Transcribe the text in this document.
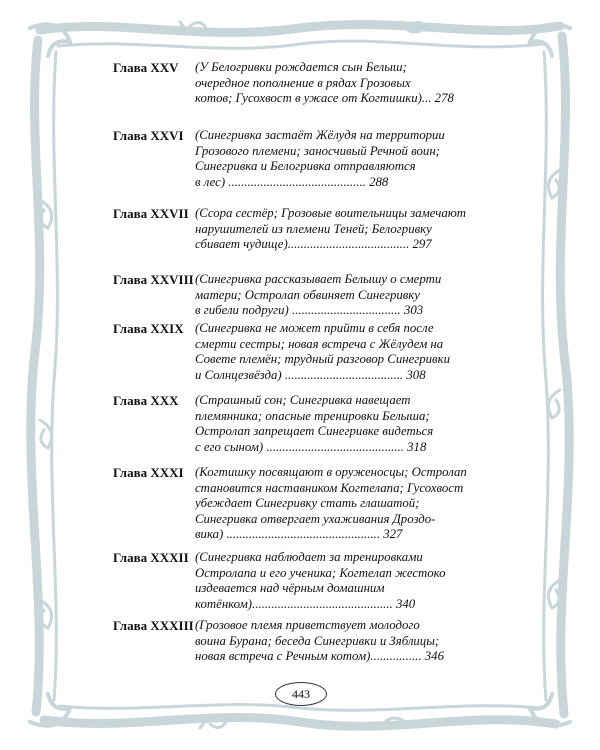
Глава XXV (У Белогривки рождается сын Белыш;
очередное пополнение в рядах Грозовых
котов; Гусохвост в ужасе от Когтишки)... 278
Глава XXVI (Синегривка застаёт Жёлудя на территории
Грозового племени; заносчивый Речной воин;
Синегривка и Белогривка отправляются
в лес) ........................................... 288
Глава XXVII (Ссора сестёр; Грозовые воительницы замечают
нарушителей из племени Теней; Белогривку
сбивает чудище)...................................... 297
Глава XXVIII (Синегривка рассказывает Белышу о смерти
матери; Остролап обвиняет Синегривку
в гибели подруги) .................................. 303
Глава XXIX (Синегривка не может прийти в себя после
смерти сестры; новая встреча с Жёлудем на
Совете племён; трудный разговор Синегривки
и Солнцезвёзда) ..................................... 308
Глава XXX (Страшный сон; Синегривка навещает
племянника; опасные тренировки Белыша;
Остролап запрещает Синегривке видеться
с его сыном) ........................................... 318
Глава XXXI (Когтишку посвящают в оруженосцы; Остролап
становится наставником Когтелапа; Гусохвост
убеждает Синегривку стать глашатой;
Синегривка отвергает ухаживания Дроздо-
вика) ................................................ 327
Глава XXXII (Синегривка наблюдает за тренировками
Остролапа и его ученика; Когтелап жестоко
издевается над чёрным домашним
котёнком)............................................ 340
Глава XXXIII (Грозовое племя приветствует молодого
воина Бурана; беседа Синегривки и Зяблицы;
новая встреча с Речным котом)................ 346
443
